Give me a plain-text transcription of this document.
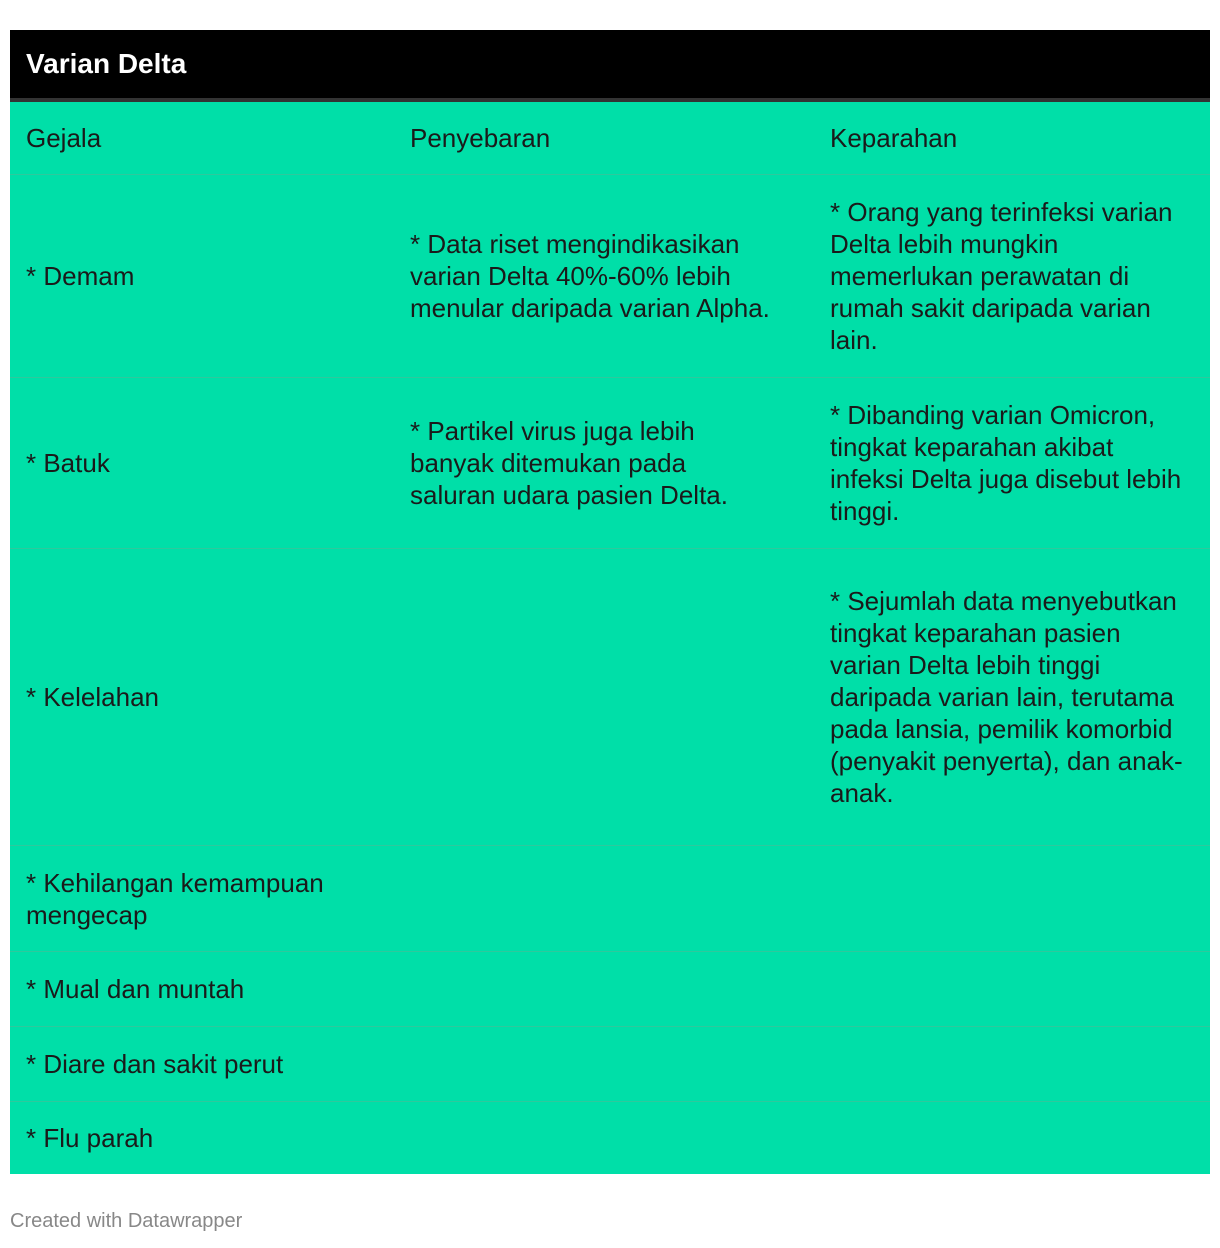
Varian Delta
Gejala	Penyebaran	Keparahan
* Demam	* Data riset mengindikasikan varian Delta 40%-60% lebih menular daripada varian Alpha.	* Orang yang terinfeksi varian Delta lebih mungkin memerlukan perawatan di rumah sakit daripada varian lain.
* Batuk	* Partikel virus juga lebih banyak ditemukan pada saluran udara pasien Delta.	* Dibanding varian Omicron, tingkat keparahan akibat infeksi Delta juga disebut lebih tinggi.
* Kelelahan		* Sejumlah data menyebutkan tingkat keparahan pasien varian Delta lebih tinggi daripada varian lain, terutama pada lansia, pemilik komorbid (penyakit penyerta), dan anak-anak.
* Kehilangan kemampuan mengecap		
* Mual dan muntah		
* Diare dan sakit perut		
* Flu parah		
Created with Datawrapper
